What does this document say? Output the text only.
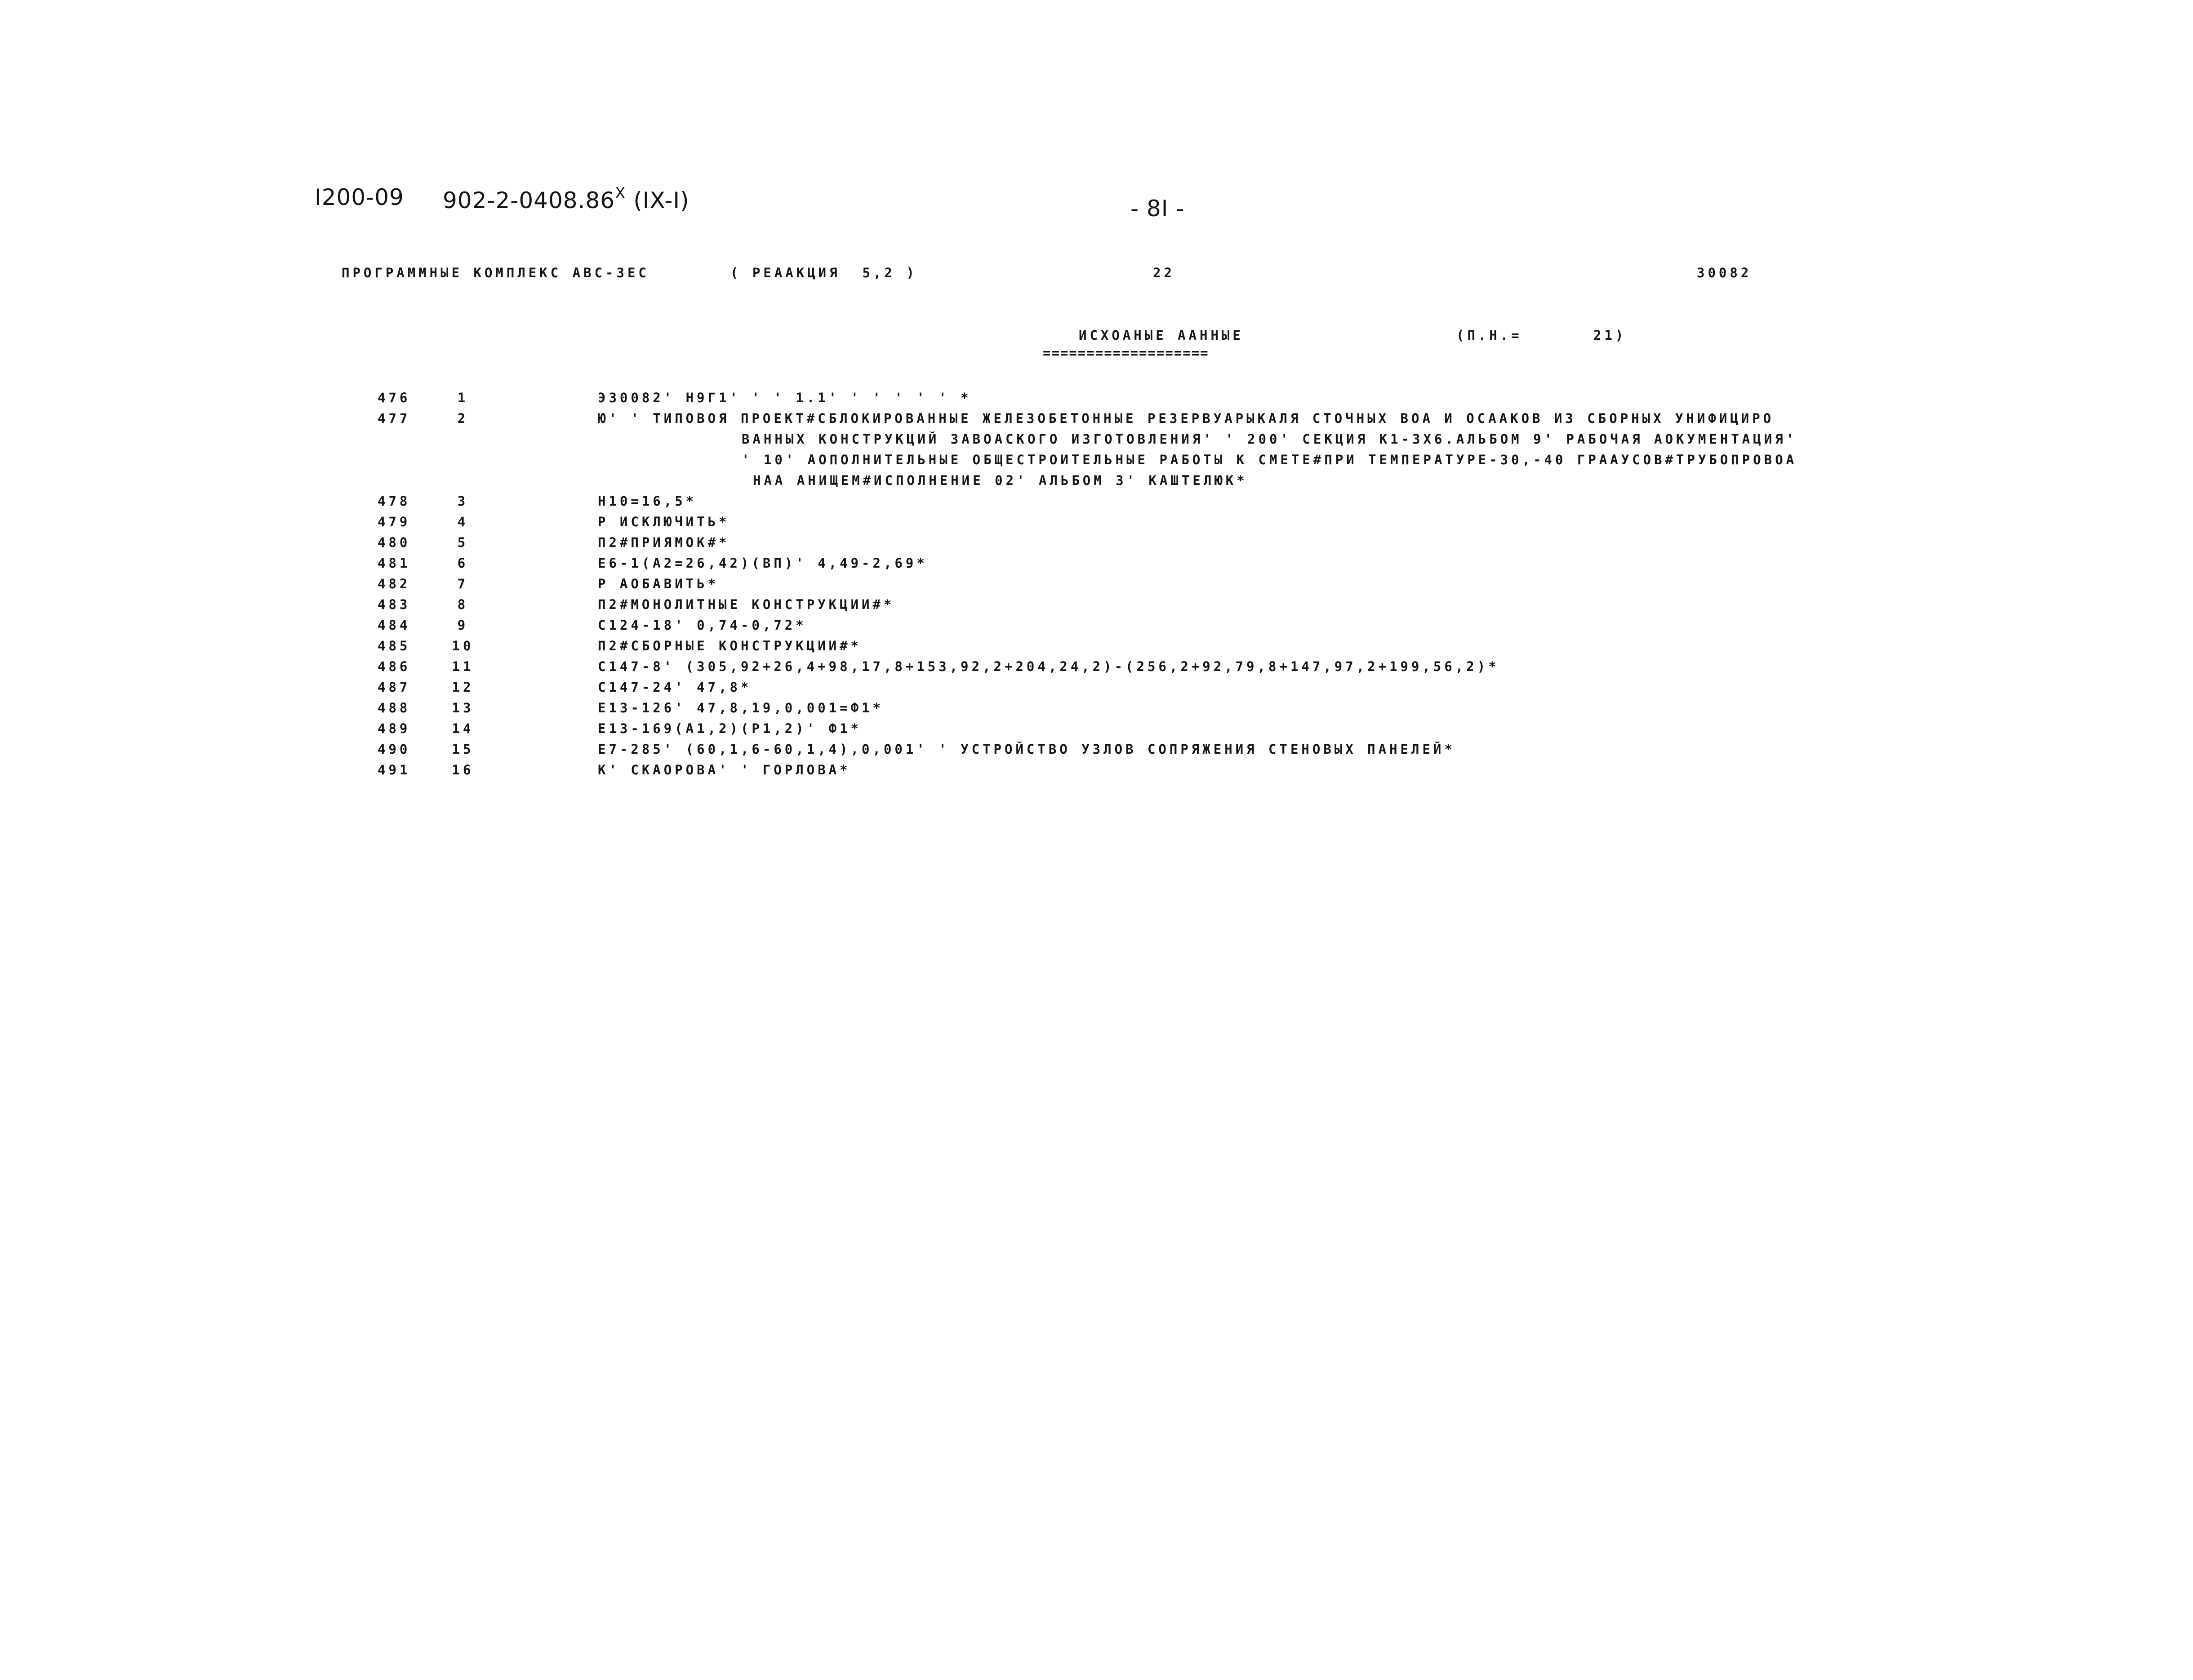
I200-09 $902-2-0408.86^X$ (IX-I)	- 8I -
ПРОГРАММНЫЕ КОМПЛЕКС АВС-3ЕС	( РЕААКЦИЯ  5,2 )	22	30082
ИСХОАНЫЕ ААННЫЕ
===================
(П.Н.=	21)
476	1	Э30082' Н9Г1' ' ' 1.1' ' ' ' ' ' *
477	2	Ю' ' ТИПОВОЯ ПРОЕКТ#СБЛОКИРОВАННЫЕ ЖЕЛЕЗОБЕТОННЫЕ РЕЗЕРВУАРЫКАЛЯ СТОЧНЫХ ВОА И ОСААКОВ ИЗ СБОРНЫХ УНИФИЦИРО
ВАННЫХ КОНСТРУКЦИЙ ЗАВОАСКОГО ИЗГОТОВЛЕНИЯ' ' 200' СЕКЦИЯ К1-3Х6.АЛЬБОМ 9' РАБОЧАЯ АОКУМЕНТАЦИЯ'
' 10' АОПОЛНИТЕЛЬНЫЕ ОБЩЕСТРОИТЕЛЬНЫЕ РАБОТЫ К СМЕТЕ#ПРИ ТЕМПЕРАТУРЕ-30,-40 ГРААУСОВ#ТРУБОПРОВОА
НАА АНИЩЕМ#ИСПОЛНЕНИЕ 02' АЛЬБОМ 3' КАШТЕЛЮК*
478	3	Н10=16,5*
479	4	Р ИСКЛЮЧИТЬ*
480	5	П2#ПРИЯМОК#*
481	6	Е6-1(А2=26,42)(ВП)' 4,49-2,69*
482	7	Р АОБАВИТЬ*
483	8	П2#МОНОЛИТНЫЕ КОНСТРУКЦИИ#*
484	9	С124-18' 0,74-0,72*
485	10	П2#СБОРНЫЕ КОНСТРУКЦИИ#*
486	11	С147-8' (305,92+26,4+98,17,8+153,92,2+204,24,2)-(256,2+92,79,8+147,97,2+199,56,2)*
487	12	С147-24' 47,8*
488	13	Е13-126' 47,8,19,0,001=Ф1*
489	14	Е13-169(А1,2)(Р1,2)' Ф1*
490	15	Е7-285' (60,1,6-60,1,4),0,001' ' УСТРОЙСТВО УЗЛОВ СОПРЯЖЕНИЯ СТЕНОВЫХ ПАНЕЛЕЙ*
491	16	К' СКАОРОВА' ' ГОРЛОВА*
